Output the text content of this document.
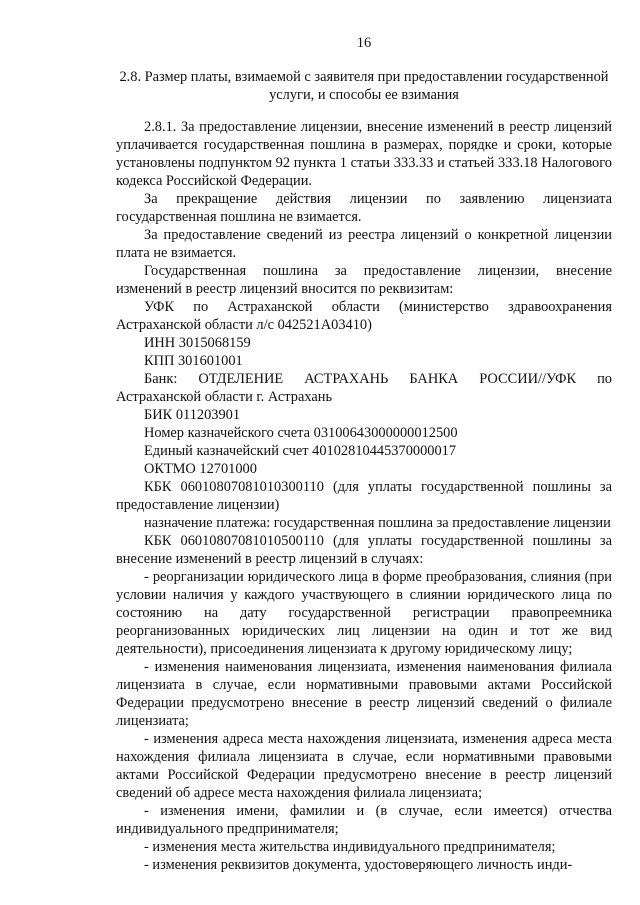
16
2.8. Размер платы, взимаемой с заявителя при предоставлении государственной услуги, и способы ее взимания

2.8.1. За предоставление лицензии, внесение изменений в реестр лицензий уплачивается государственная пошлина в размерах, порядке и сроки, которые установлены подпунктом 92 пункта 1 статьи 333.33 и статьей 333.18 Налогового кодекса Российской Федерации.

За прекращение действия лицензии по заявлению лицензиата государственная пошлина не взимается.

За предоставление сведений из реестра лицензий о конкретной лицензии плата не взимается.

Государственная пошлина за предоставление лицензии, внесение изменений в реестр лицензий вносится по реквизитам:

УФК по Астраханской области (министерство здравоохранения Астраханской области л/с 042521А03410)

ИНН 3015068159

КПП 301601001

Банк: ОТДЕЛЕНИЕ АСТРАХАНЬ БАНКА РОССИИ//УФК по Астраханской области г. Астрахань

БИК 011203901

Номер казначейского счета 03100643000000012500

Единый казначейский счет 40102810445370000017

ОКТМО 12701000

КБК 06010807081010300110 (для уплаты государственной пошлины за предоставление лицензии)

назначение платежа: государственная пошлина за предоставление лицензии

КБК 06010807081010500110 (для уплаты государственной пошлины за внесение изменений в реестр лицензий в случаях:

- реорганизации юридического лица в форме преобразования, слияния (при условии наличия у каждого участвующего в слиянии юридического лица по состоянию на дату государственной регистрации правопреемника реорганизованных юридических лиц лицензии на один и тот же вид деятельности), присоединения лицензиата к другому юридическому лицу;

- изменения наименования лицензиата, изменения наименования филиала лицензиата в случае, если нормативными правовыми актами Российской Федерации предусмотрено внесение в реестр лицензий сведений о филиале лицензиата;

- изменения адреса места нахождения лицензиата, изменения адреса места нахождения филиала лицензиата в случае, если нормативными правовыми актами Российской Федерации предусмотрено внесение в реестр лицензий сведений об адресе места нахождения филиала лицензиата;

- изменения имени, фамилии и (в случае, если имеется) отчества индивидуального предпринимателя;

- изменения места жительства индивидуального предпринимателя;

- изменения реквизитов документа, удостоверяющего личность инди-
